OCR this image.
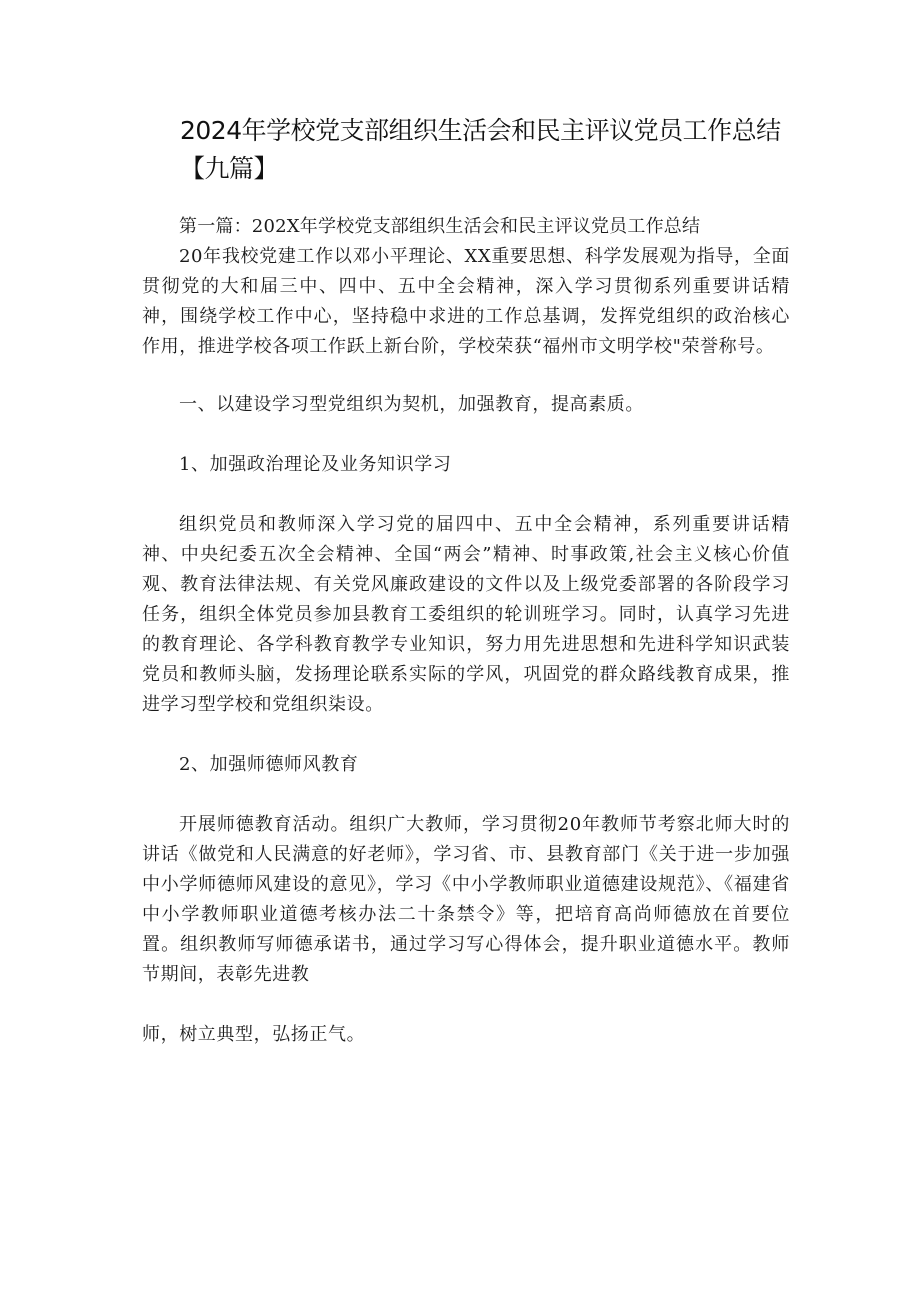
2024年学校党支部组织生活会和民主评议党员工作总结
【九篇】

第一篇：202X年学校党支部组织生活会和民主评议党员工作总结

20年我校党建工作以邓小平理论、XX重要思想、科学发展观为指导，全面贯彻党的大和届三中、四中、五中全会精神，深入学习贯彻系列重要讲话精神，围绕学校工作中心，坚持稳中求进的工作总基调，发挥党组织的政治核心作用，推进学校各项工作跃上新台阶，学校荣获“福州市文明学校"荣誉称号。

一、以建设学习型党组织为契机，加强教育，提高素质。

1、加强政治理论及业务知识学习

组织党员和教师深入学习党的届四中、五中全会精神，系列重要讲话精神、中央纪委五次全会精神、全国“两会”精神、时事政策,社会主义核心价值观、教育法律法规、有关党风廉政建设的文件以及上级党委部署的各阶段学习任务，组织全体党员参加县教育工委组织的轮训班学习。同时，认真学习先进的教育理论、各学科教育教学专业知识，努力用先进思想和先进科学知识武装党员和教师头脑，发扬理论联系实际的学风，巩固党的群众路线教育成果，推进学习型学校和党组织柒设。

2、加强师德师风教育

开展师德教育活动。组织广大教师，学习贯彻20年教师节考察北师大时的讲话《做党和人民满意的好老师》，学习省、市、县教育部门《关于进一步加强中小学师德师风建设的意见》，学习《中小学教师职业道德建设规范》、《福建省中小学教师职业道德考核办法二十条禁令》等，把培育高尚师德放在首要位置。组织教师写师德承诺书，通过学习写心得体会，提升职业道德水平。教师节期间，表彰先进教

师，树立典型，弘扬正气。
